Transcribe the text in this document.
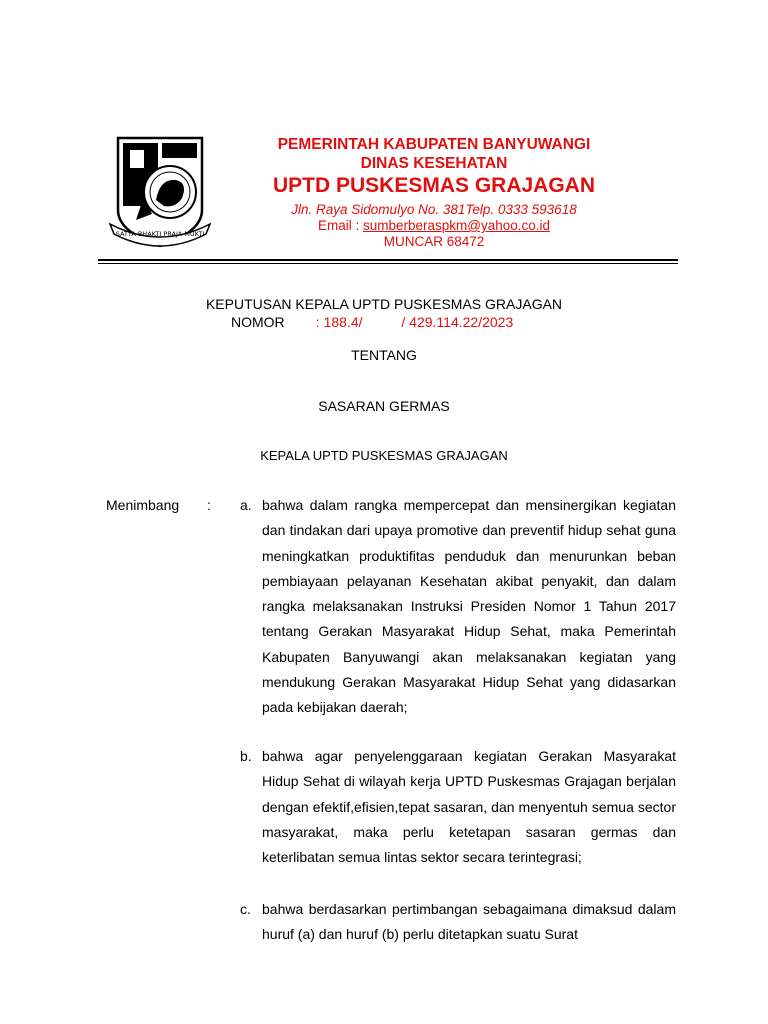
SATYA BHAKTI PRAJA MUKTI
PEMERINTAH KABUPATEN BANYUWANGI
DINAS KESEHATAN
UPTD PUSKESMAS GRAJAGAN
Jln. Raya Sidomulyo No. 381Telp. 0333 593618
Email : sumberberaspkm@yahoo.co.id
MUNCAR 68472
KEPUTUSAN KEPALA UPTD PUSKESMAS GRAJAGAN
NOMOR : 188.4/          / 429.114.22/2023
TENTANG
SASARAN GERMAS
KEPALA UPTD PUSKESMAS GRAJAGAN
Menimbang : a. bahwa dalam rangka mempercepat dan mensinergikan kegiatan dan tindakan dari upaya promotive dan preventif hidup sehat guna meningkatkan produktifitas penduduk dan menurunkan beban pembiayaan pelayanan Kesehatan akibat penyakit, dan dalam rangka melaksanakan Instruksi Presiden Nomor 1 Tahun 2017 tentang Gerakan Masyarakat Hidup Sehat, maka Pemerintah Kabupaten Banyuwangi akan melaksanakan kegiatan yang mendukung Gerakan Masyarakat Hidup Sehat yang didasarkan pada kebijakan daerah;
b. bahwa agar penyelenggaraan kegiatan Gerakan Masyarakat Hidup Sehat di wilayah kerja UPTD Puskesmas Grajagan berjalan dengan efektif,efisien,tepat sasaran, dan menyentuh semua sector masyarakat, maka perlu ketetapan sasaran germas dan keterlibatan semua lintas sektor secara terintegrasi;
c. bahwa berdasarkan pertimbangan sebagaimana dimaksud dalam huruf (a) dan huruf (b) perlu ditetapkan suatu Surat
